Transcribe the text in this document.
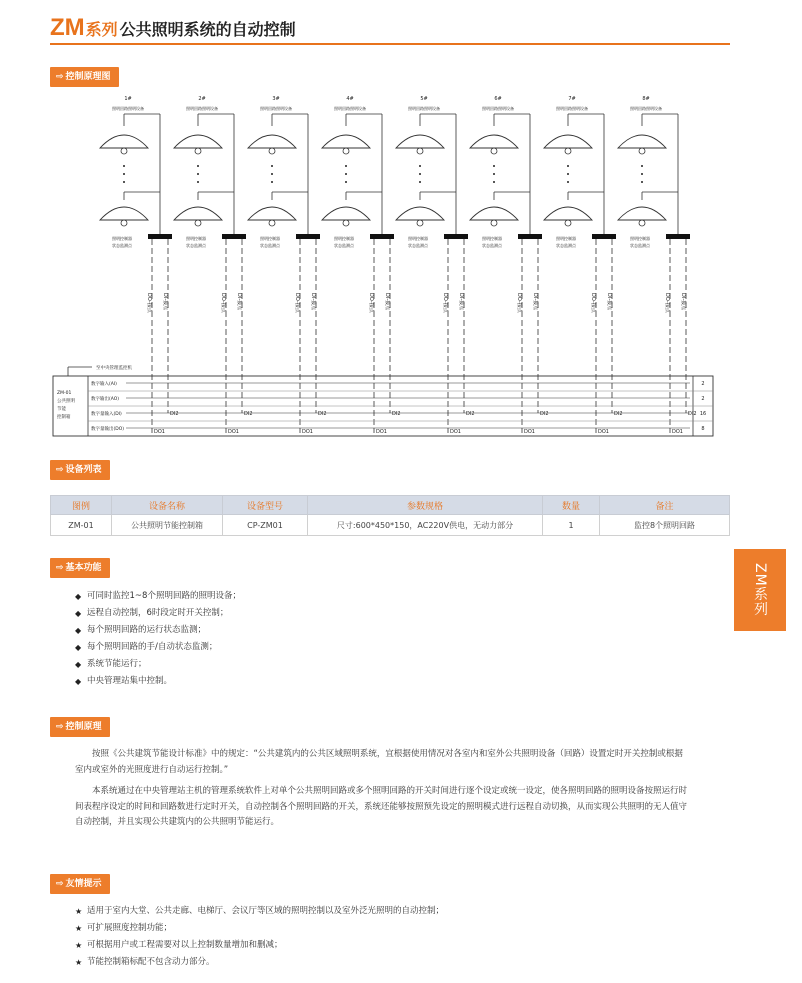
ZM 系列 公共照明系统的自动控制
⇨ 控制原理图
1#
照明回路照明设备
照明控制器
状态监测点
DO-接点 DI-接点
DI2
DO1
2#
照明回路照明设备
照明控制器
状态监测点
DO-接点 DI-接点
DI2
DO1
3#
照明回路照明设备
照明控制器
状态监测点
DO-接点 DI-接点
DI2
DO1
4#
照明回路照明设备
照明控制器
状态监测点
DO-接点 DI-接点
DI2
DO1
5#
照明回路照明设备
照明控制器
状态监测点
DO-接点 DI-接点
DI2
DO1
6#
照明回路照明设备
照明控制器
状态监测点
DO-接点 DI-接点
DI2
DO1
7#
照明回路照明设备
照明控制器
状态监测点
DO-接点 DI-接点
DI2
DO1
8#
照明回路照明设备
照明控制器
状态监测点
DO-接点 DI-接点
DI2
DO1
至中央管理监控机
ZM-01
公共照明
节能
控制箱
数字输入(AI)	2
数字输出(AO)	2
数字量输入(DI)	16
数字量输出(DO)	8
⇨ 设备列表
图例	设备名称	设备型号	参数规格	数量	备注
ZM-01	公共照明节能控制箱	CP-ZM01	尺寸:600*450*150，AC220V供电，无动力部分	1	监控8个照明回路
⇨ 基本功能
◆ 可同时监控1~8个照明回路的照明设备；
◆ 远程自动控制，6时段定时开关控制；
◆ 每个照明回路的运行状态监测；
◆ 每个照明回路的手/自动状态监测；
◆ 系统节能运行；
◆ 中央管理站集中控制。
⇨ 控制原理

按照《公共建筑节能设计标准》中的规定：“公共建筑内的公共区域照明系统，宜根据使用情况对各室内和室外公共照明设备（回路）设置定时开关控制或根据室内或室外的光照度进行自动运行控制。”

本系统通过在中央管理站主机的管理系统软件上对单个公共照明回路或多个照明回路的开关时间进行逐个设定或统一设定，使各照明回路的照明设备按照运行时间表程序设定的时间和回路数进行定时开关，自动控制各个照明回路的开关，系统还能够按照预先设定的照明模式进行远程自动切换，从而实现公共照明的无人值守自动控制，并且实现公共建筑内的公共照明节能运行。

⇨ 友情提示
★ 适用于室内大堂、公共走廊、电梯厅、会议厅等区域的照明控制以及室外泛光照明的自动控制；
★ 可扩展照度控制功能；
★ 可根据用户或工程需要对以上控制数量增加和删减；
★ 节能控制箱标配不包含动力部分。
ZM系列
